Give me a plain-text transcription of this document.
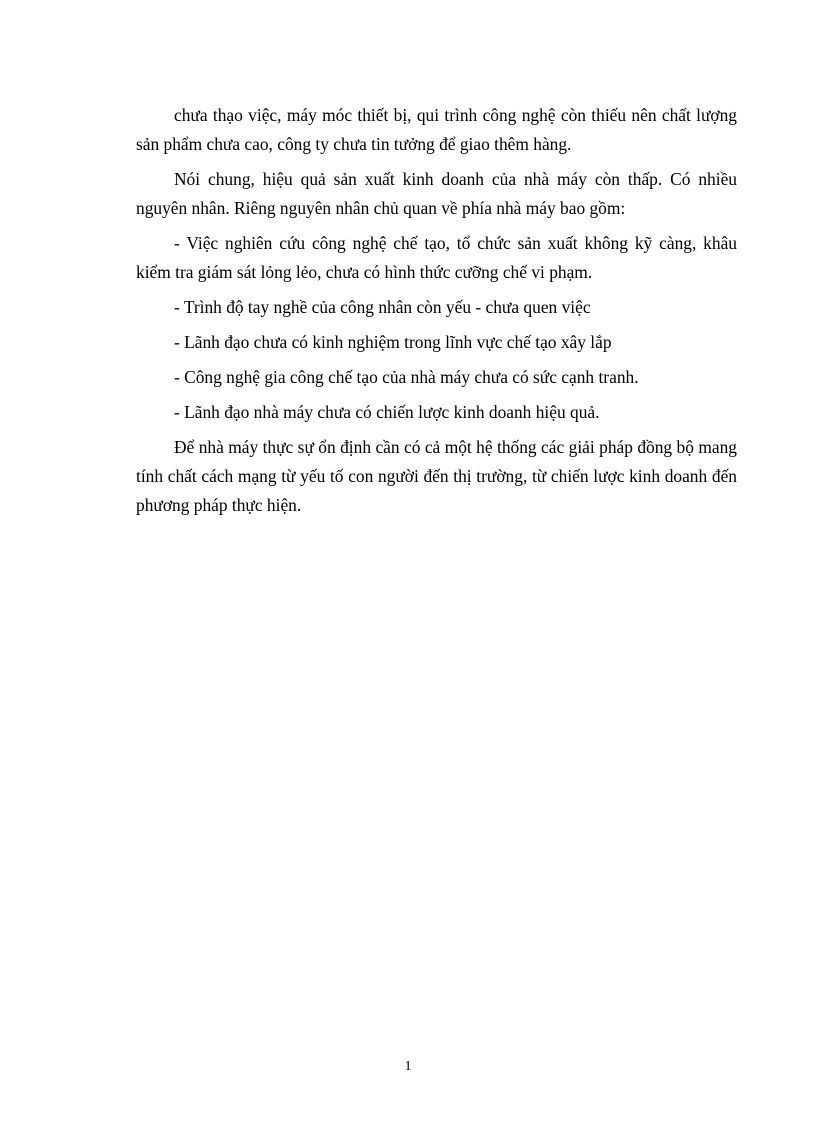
chưa thạo việc, máy móc thiết bị, qui trình công nghệ còn thiếu nên chất lượng sản phẩm chưa cao, công ty chưa tin tưởng để giao thêm hàng.

Nói chung, hiệu quả sản xuất kinh doanh của nhà máy còn thấp. Có nhiều nguyên nhân. Riêng nguyên nhân chủ quan về phía nhà máy bao gồm:

- Việc nghiên cứu công nghệ chế tạo, tổ chức sản xuất không kỹ càng, khâu kiểm tra giám sát lỏng lẻo, chưa có hình thức cưỡng chế vi phạm.

- Trình độ tay nghề của công nhân còn yếu - chưa quen việc

- Lãnh đạo chưa có kinh nghiệm trong lĩnh vực chế tạo xây lắp

- Công nghệ gia công chế tạo của nhà máy chưa có sức cạnh tranh.

- Lãnh đạo nhà máy chưa có chiến lược kinh doanh hiệu quả.

Để nhà máy thực sự ổn định cần có cả một hệ thống các giải pháp đồng bộ mang tính chất cách mạng từ yếu tố con người đến thị trường, từ chiến lược kinh doanh đến phương pháp thực hiện.

1
